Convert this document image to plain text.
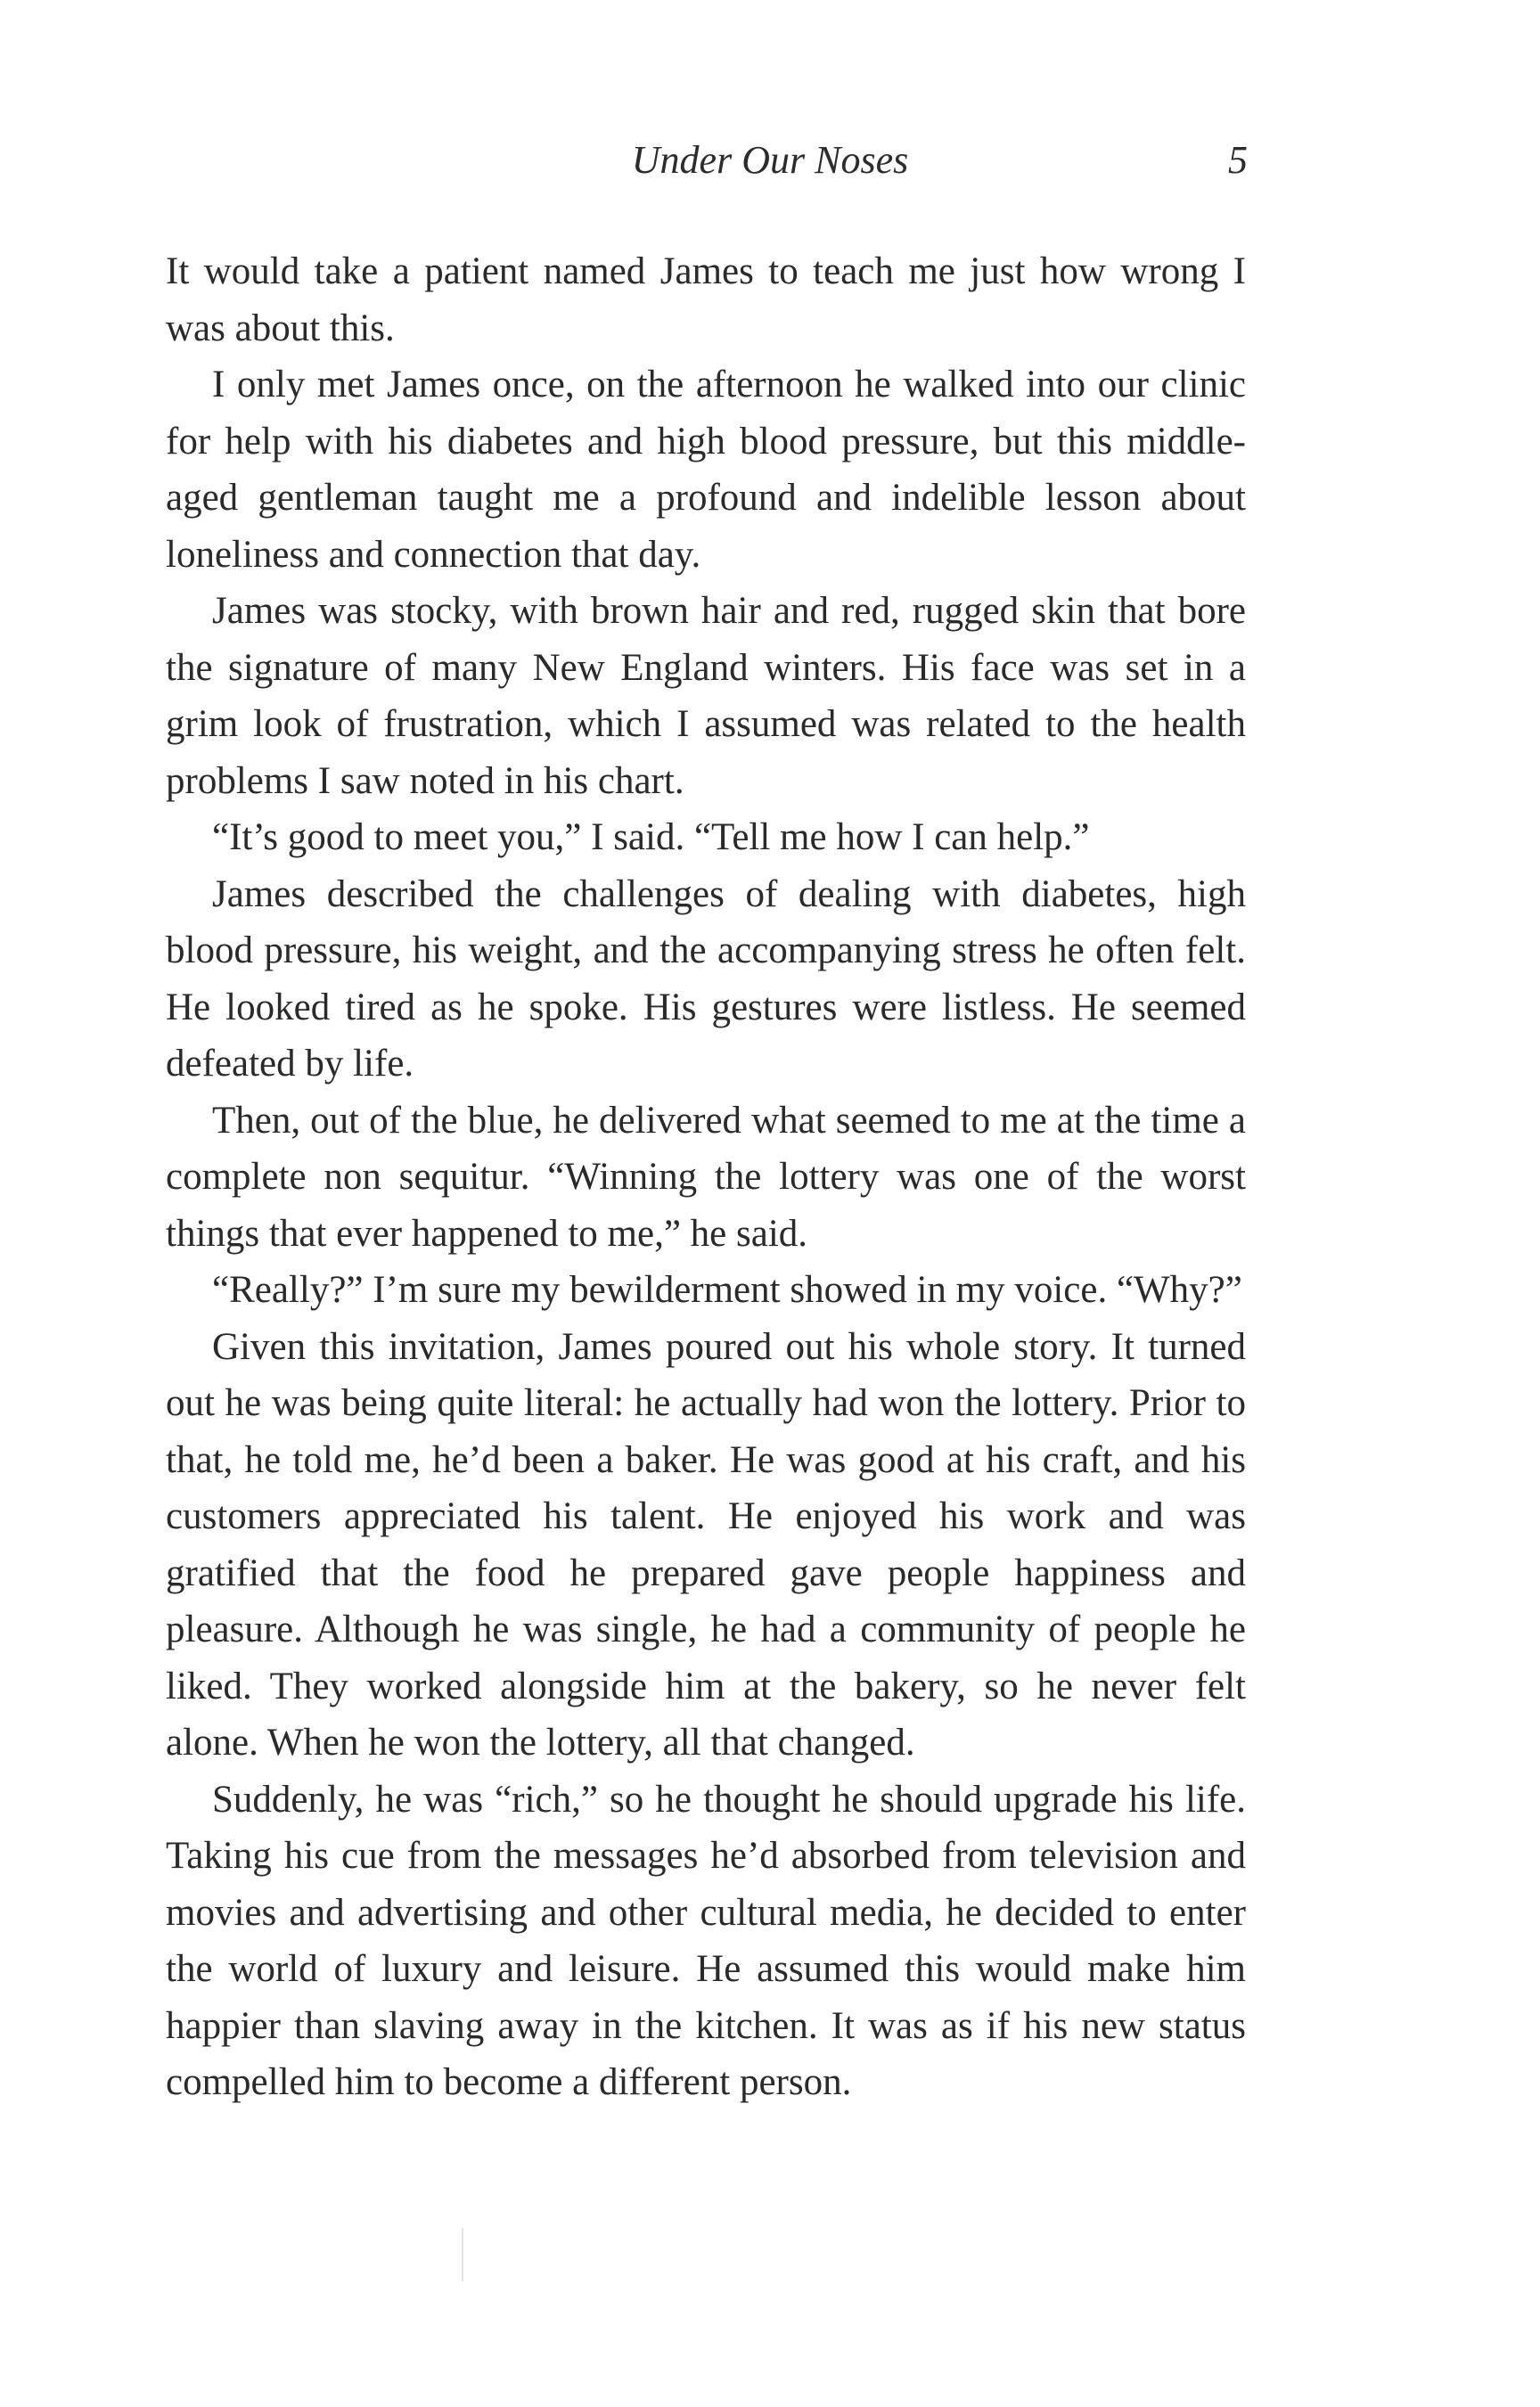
Under Our Noses	5

It would take a patient named James to teach me just how wrong I was about this.

I only met James once, on the afternoon he walked into our clinic for help with his diabetes and high blood pressure, but this middle-aged gentleman taught me a profound and indelible lesson about loneliness and connection that day.

James was stocky, with brown hair and red, rugged skin that bore the signature of many New England winters. His face was set in a grim look of frustration, which I assumed was related to the health problems I saw noted in his chart.

“It’s good to meet you,” I said. “Tell me how I can help.”

James described the challenges of dealing with diabetes, high blood pressure, his weight, and the accompanying stress he often felt. He looked tired as he spoke. His gestures were listless. He seemed defeated by life.

Then, out of the blue, he delivered what seemed to me at the time a complete non sequitur. “Winning the lottery was one of the worst things that ever happened to me,” he said.

“Really?” I’m sure my bewilderment showed in my voice. “Why?”

Given this invitation, James poured out his whole story. It turned out he was being quite literal: he actually had won the lottery. Prior to that, he told me, he’d been a baker. He was good at his craft, and his customers appreciated his talent. He enjoyed his work and was gratified that the food he prepared gave people happiness and pleasure. Although he was single, he had a community of people he liked. They worked alongside him at the bakery, so he never felt alone. When he won the lottery, all that changed.

Suddenly, he was “rich,” so he thought he should upgrade his life. Taking his cue from the messages he’d absorbed from television and movies and advertising and other cultural media, he decided to enter the world of luxury and leisure. He assumed this would make him happier than slaving away in the kitchen. It was as if his new status compelled him to become a different person.
